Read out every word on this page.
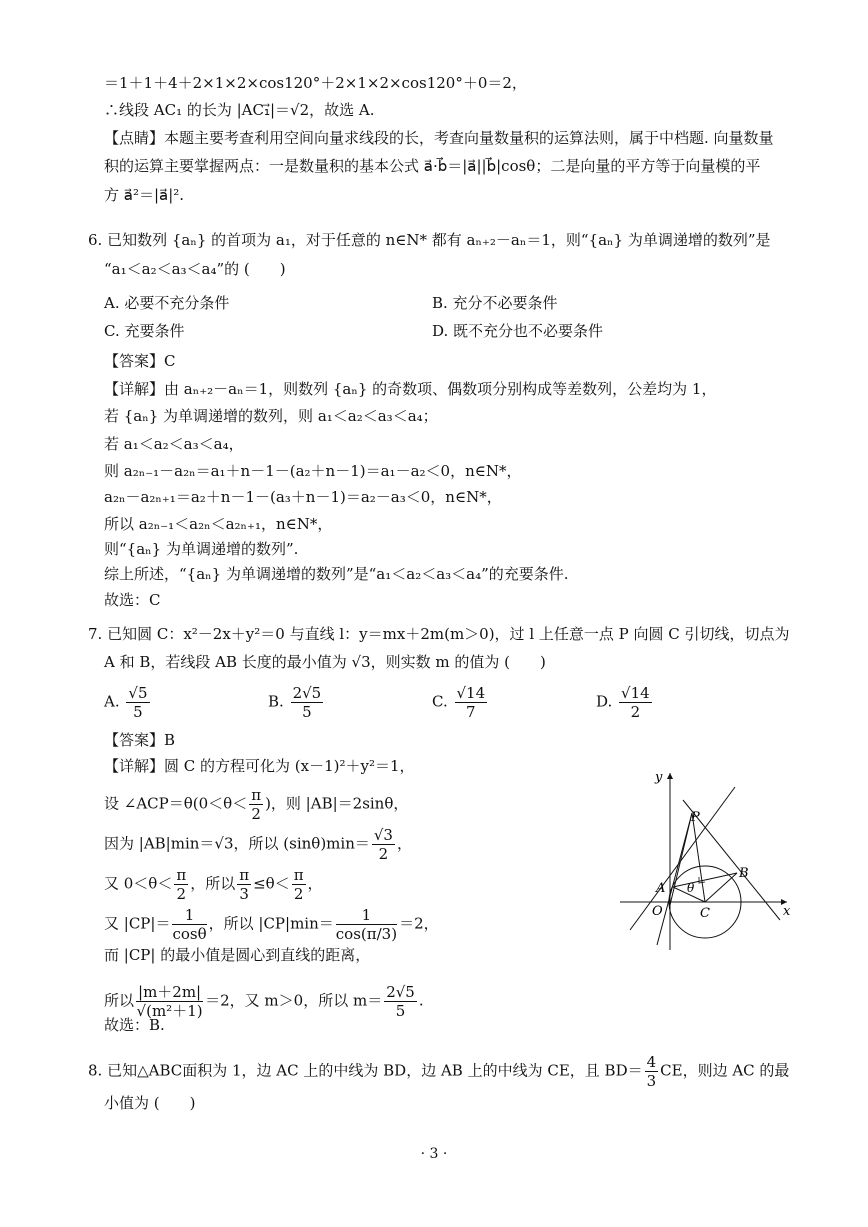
＝1＋1＋4＋2×1×2×cos120°＋2×1×2×cos120°＋0＝2，
∴线段 AC₁ 的长为 |AC₁⃗|＝√2，故选 A.
【点睛】本题主要考查利用空间向量求线段的长，考查向量数量积的运算法则，属于中档题. 向量数量
积的运算主要掌握两点：一是数量积的基本公式 a⃗·b⃗＝|a⃗||b⃗|cosθ；二是向量的平方等于向量模的平
方 a⃗²＝|a⃗|².
6. 已知数列 {aₙ} 的首项为 a₁，对于任意的 n∈N* 都有 aₙ₊₂－aₙ＝1，则“{aₙ} 为单调递增的数列”是
“a₁＜a₂＜a₃＜a₄”的 (　　)
A. 必要不充分条件	B. 充分不必要条件
C. 充要条件	D. 既不充分也不必要条件
【答案】C
【详解】由 aₙ₊₂－aₙ＝1，则数列 {aₙ} 的奇数项、偶数项分别构成等差数列，公差均为 1，
若 {aₙ} 为单调递增的数列，则 a₁＜a₂＜a₃＜a₄；
若 a₁＜a₂＜a₃＜a₄，
则 a₂ₙ₋₁－a₂ₙ＝a₁＋n－1－(a₂＋n－1)＝a₁－a₂＜0，n∈N*，
a₂ₙ－a₂ₙ₊₁＝a₂＋n－1－(a₃＋n－1)＝a₂－a₃＜0，n∈N*，
所以 a₂ₙ₋₁＜a₂ₙ＜a₂ₙ₊₁，n∈N*，
则“{aₙ} 为单调递增的数列”.
综上所述，“{aₙ} 为单调递增的数列”是“a₁＜a₂＜a₃＜a₄”的充要条件.
故选：C
7. 已知圆 C：x²－2x＋y²＝0 与直线 l：y＝mx＋2m(m＞0)，过 l 上任意一点 P 向圆 C 引切线，切点为
A 和 B，若线段 AB 长度的最小值为 √3，则实数 m 的值为 (　　)
A. $\frac{√5}{5}$	B. $\frac{2√5}{5}$	C. $\frac{√14}{7}$	D. $\frac{√14}{2}$
【答案】B
【详解】圆 C 的方程可化为 (x－1)²＋y²＝1，
设 ∠ACP＝θ(0＜θ＜ $\frac{\pi}{2}$ )，则 |AB|＝2sinθ，
因为 |AB|min＝√3，所以 $(\sin\theta)\min= \frac{√3}{2}$ ，
又 $0<\theta< \frac{\pi}{2}$ ，所以 $\frac{\pi}{3} \le\theta< \frac{\pi}{2}$ ，
又 $|CP|= \frac{1}{\cos\theta}$ ，所以 $|CP|\min= \frac{1}{\cos(\pi/3)} =2$，
而 |CP| 的最小值是圆心到直线的距离，
所以 $\frac{|m+2m|}{\text{√(m²＋1)}} =2$，又 m＞0，所以 $m= \frac{2√5}{5}$ .
故选：B.
y
x
O	C
A
B
P
θ
8. 已知△ABC面积为 1，边 AC 上的中线为 BD，边 AB 上的中线为 CE，且 $BD= \frac{4}{3}$ CE，则边 AC 的最
小值为 (　　)
· 3 ·
